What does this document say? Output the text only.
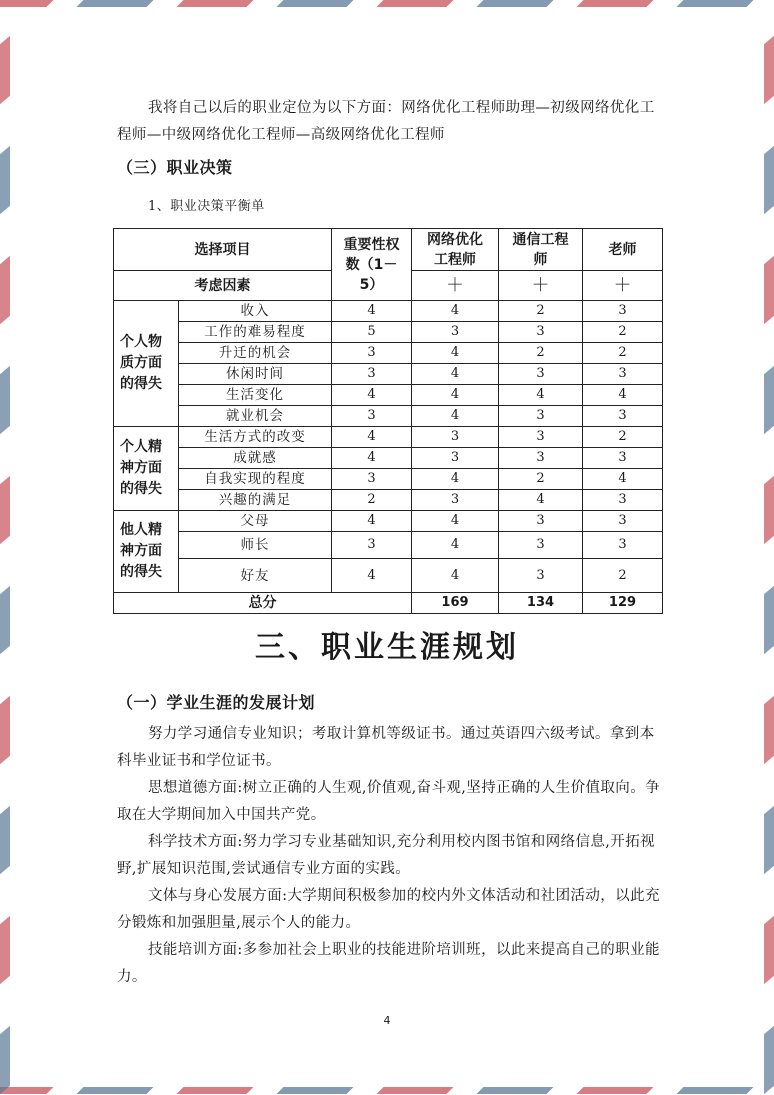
我将自己以后的职业定位为以下方面：网络优化工程师助理—初级网络优化工程师—中级网络优化工程师—高级网络优化工程师
（三）职业决策
1、职业决策平衡单
选择项目		重要性权数（1－5）	网络优化工程师	通信工程师	老师

考虑因素			＋	＋	＋

个人物质方面的得失	收入	4	4	2	3
	工作的难易程度	5	3	3	2
	升迁的机会	3	4	2	2
	休闲时间	3	4	3	3
	生活变化	4	4	4	4
	就业机会	3	4	3	3

个人精神方面的得失	生活方式的改变	4	3	3	2
	成就感	4	3	3	3
	自我实现的程度	3	4	2	4
	兴趣的满足	2	3	4	3

他人精神方面的得失	父母	4	4	3	3
	师长	3	4	3	3
	好友	4	4	3	2
总分			169	134	129
三、职业生涯规划
（一）学业生涯的发展计划
努力学习通信专业知识；考取计算机等级证书。通过英语四六级考试。拿到本科毕业证书和学位证书。
思想道德方面:树立正确的人生观,价值观,奋斗观,坚持正确的人生价值取向。争取在大学期间加入中国共产党。
科学技术方面:努力学习专业基础知识,充分利用校内图书馆和网络信息,开拓视野,扩展知识范围,尝试通信专业方面的实践。
文体与身心发展方面:大学期间积极参加的校内外文体活动和社团活动，以此充分锻炼和加强胆量,展示个人的能力。
技能培训方面:多参加社会上职业的技能进阶培训班，以此来提高自己的职业能力。
4
